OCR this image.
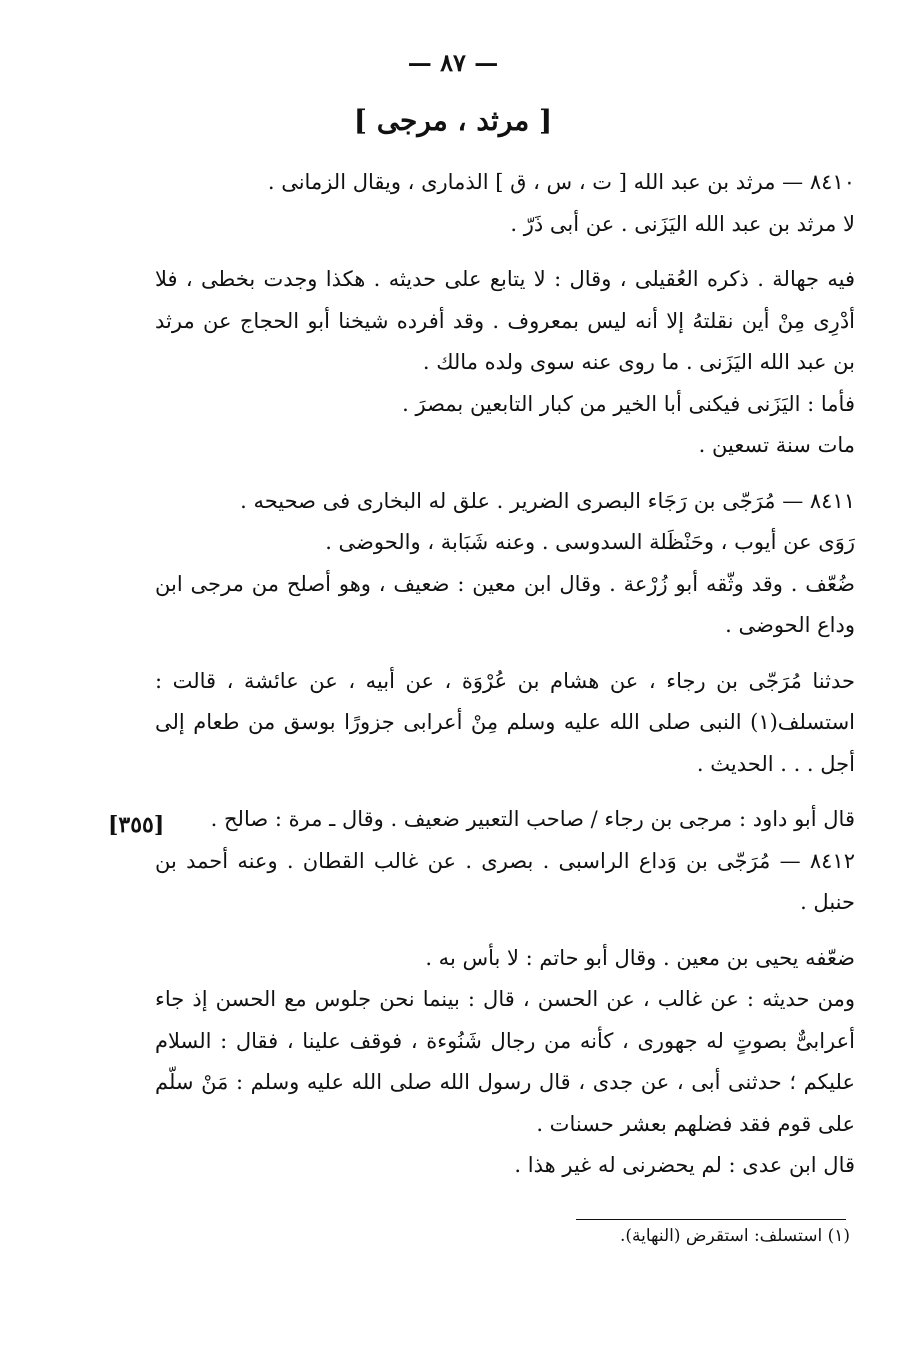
— ٨٧ —
[ مرثد ، مرجى ]

٨٤١٠ — مرثد بن عبد الله [ ت ، س ، ق ] الذمارى ، ويقال الزمانى .

لا مرثد بن عبد الله اليَزَنى . عن أبى ذَرّ .

فيه جهالة . ذكره العُقيلى ، وقال : لا يتابع على حديثه . هكذا وجدت بخطى ، فلا أدْرِى مِنْ أين نقلتهُ إلا أنه ليس بمعروف . وقد أفرده شيخنا أبو الحجاج عن مرثد بن عبد الله اليَزَنى . ما روى عنه سوى ولده مالك .

فأما : اليَزَنى فيكنى أبا الخير من كبار التابعين بمصرَ .

مات سنة تسعين .

٨٤١١ — مُرَجّى بن رَجَاء البصرى الضرير . علق له البخارى فى صحيحه .

رَوَى عن أيوب ، وحَنْظَلة السدوسى . وعنه شَبَابة ، والحوضى .

ضُعّف . وقد وثّقه أبو زُرْعة . وقال ابن معين : ضعيف ، وهو أصلح من مرجى ابن وداع الحوضى .

حدثنا مُرَجّى بن رجاء ، عن هشام بن عُرْوَة ، عن أبيه ، عن عائشة ، قالت : استسلف(١) النبى صلى الله عليه وسلم مِنْ أعرابى جزورًا بوسق من طعام إلى أجل . . . الحديث .

قال أبو داود : مرجى بن رجاء / صاحب التعبير ضعيف . وقال ـ مرة : صالح .

٨٤١٢ — مُرَجّى بن وَداع الراسبى . بصرى . عن غالب القطان . وعنه أحمد بن حنبل .

ضعّفه يحيى بن معين . وقال أبو حاتم : لا بأس به .

ومن حديثه : عن غالب ، عن الحسن ، قال : بينما نحن جلوس مع الحسن إذ جاء أعرابىٌّ بصوتٍ له جهورى ، كأنه من رجال شَنُوءة ، فوقف علينا ، فقال : السلام عليكم ؛ حدثنى أبى ، عن جدى ، قال رسول الله صلى الله عليه وسلم : مَنْ سلّم على قوم فقد فضلهم بعشر حسنات .

قال ابن عدى : لم يحضرنى له غير هذا .

[٣٥٥]
(١) استسلف: استقرض (النهاية).
